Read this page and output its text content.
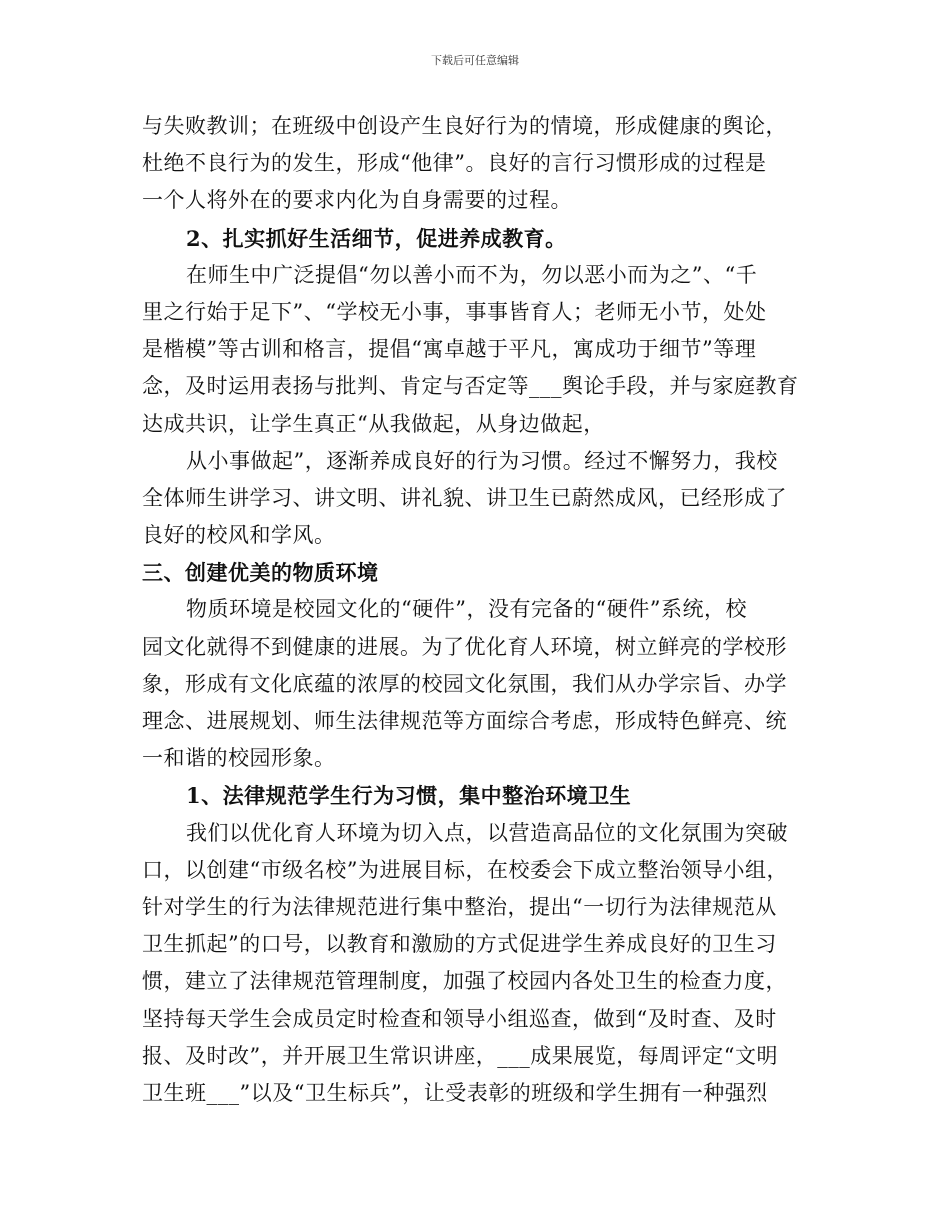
下载后可任意编辑
与失败教训；在班级中创设产生良好行为的情境，形成健康的舆论，
杜绝不良行为的发生，形成“他律”。良好的言行习惯形成的过程是
一个人将外在的要求内化为自身需要的过程。
2、扎实抓好生活细节，促进养成教育。
在师生中广泛提倡“勿以善小而不为，勿以恶小而为之”、“千
里之行始于足下”、“学校无小事，事事皆育人；老师无小节，处处
是楷模”等古训和格言，提倡“寓卓越于平凡，寓成功于细节”等理
念，及时运用表扬与批判、肯定与否定等___舆论手段，并与家庭教育
达成共识，让学生真正“从我做起，从身边做起，
从小事做起”，逐渐养成良好的行为习惯。经过不懈努力，我校
全体师生讲学习、讲文明、讲礼貌、讲卫生已蔚然成风，已经形成了
良好的校风和学风。
三、创建优美的物质环境
物质环境是校园文化的“硬件”，没有完备的“硬件”系统，校
园文化就得不到健康的进展。为了优化育人环境，树立鲜亮的学校形
象，形成有文化底蕴的浓厚的校园文化氛围，我们从办学宗旨、办学
理念、进展规划、师生法律规范等方面综合考虑，形成特色鲜亮、统
一和谐的校园形象。
1、法律规范学生行为习惯，集中整治环境卫生
我们以优化育人环境为切入点，以营造高品位的文化氛围为突破
口，以创建“市级名校”为进展目标，在校委会下成立整治领导小组，
针对学生的行为法律规范进行集中整治，提出“一切行为法律规范从
卫生抓起”的口号，以教育和激励的方式促进学生养成良好的卫生习
惯，建立了法律规范管理制度，加强了校园内各处卫生的检查力度，
坚持每天学生会成员定时检查和领导小组巡查，做到“及时查、及时
报、及时改”，并开展卫生常识讲座，___成果展览，每周评定“文明
卫生班___”以及“卫生标兵”，让受表彰的班级和学生拥有一种强烈
